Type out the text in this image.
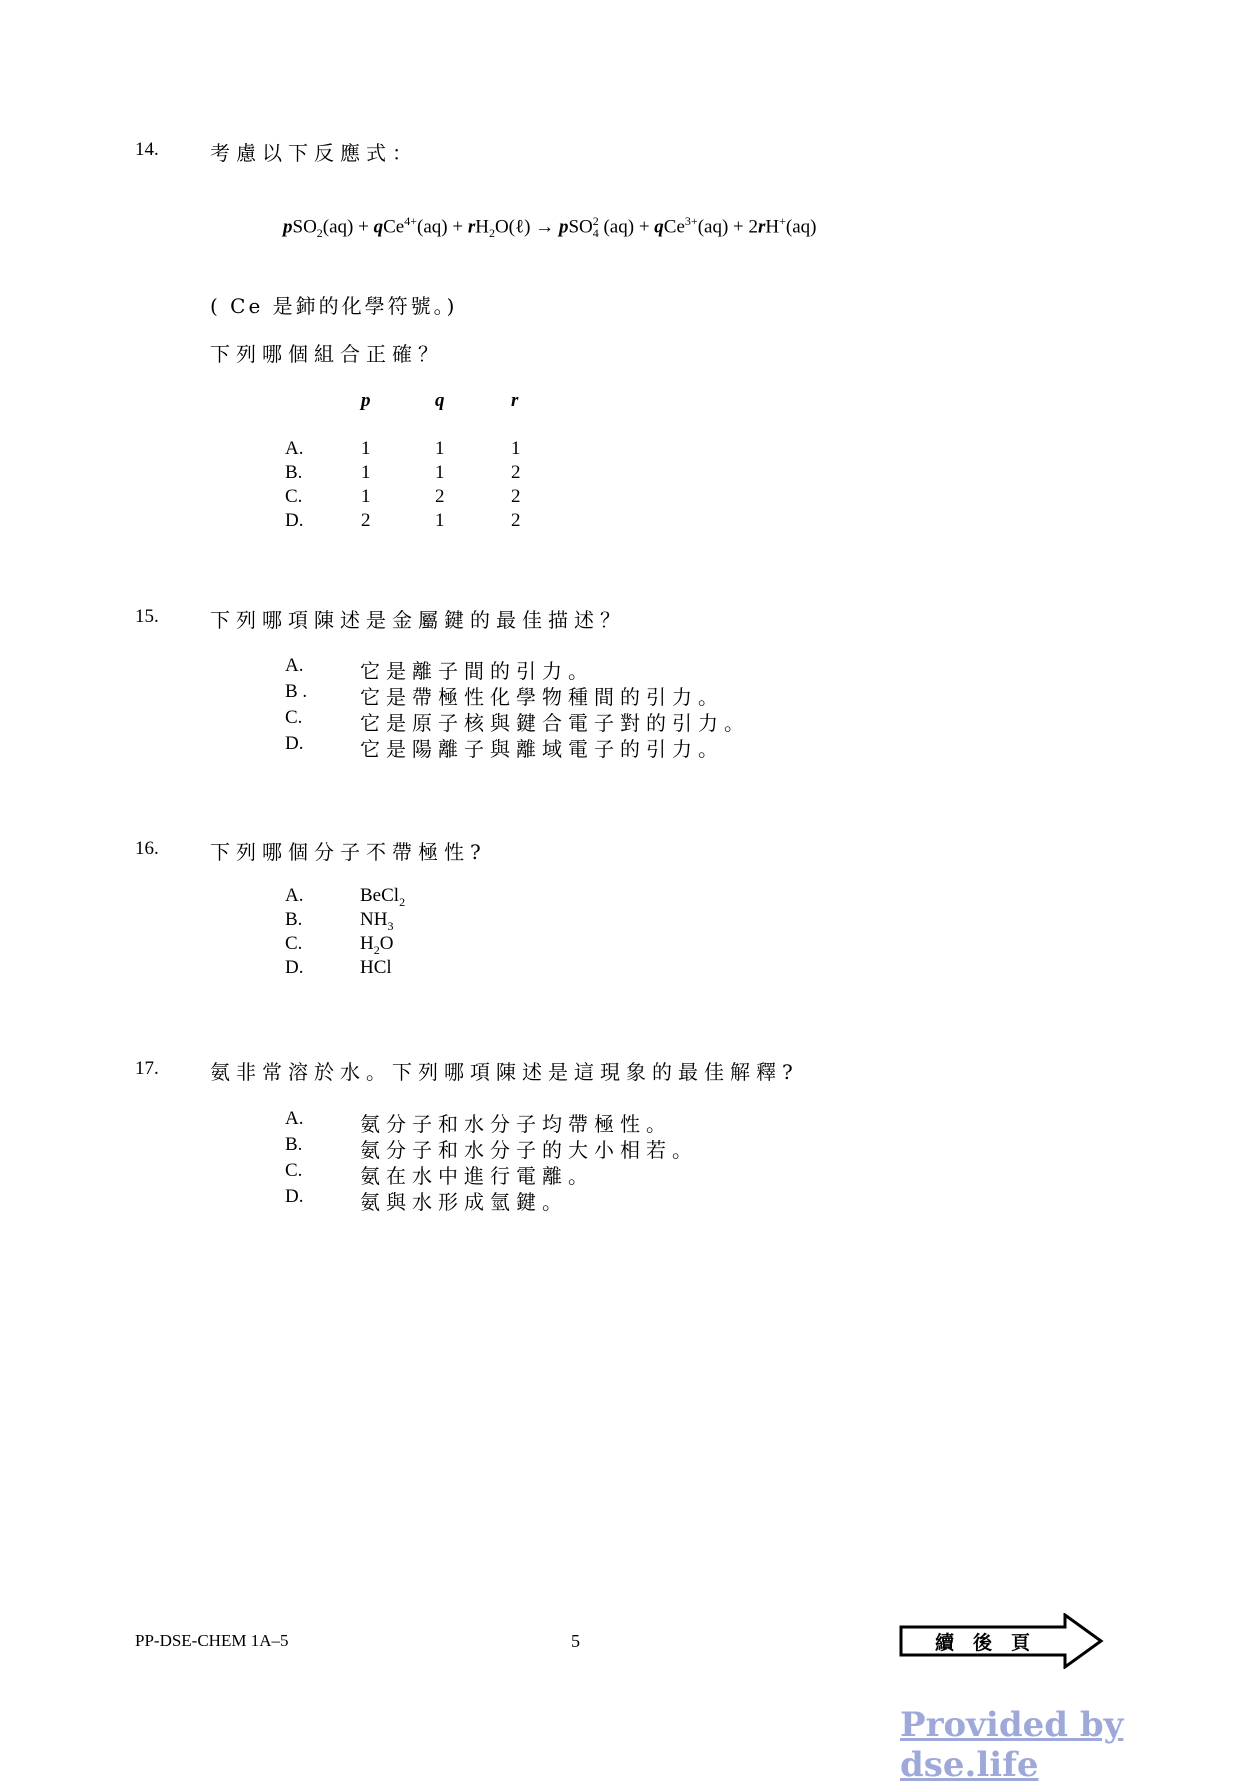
14.	考慮以下反應式：
$pSO_2(aq) + qCe^{4+}(aq) + rH_2O(\ell) \to pSO_4^2$ (aq) + qCe$^{3+}$(aq) + 2rH+(aq)
( Ce 是鈰的化學符號。)
下列哪個組合正確？
p	q	r
A.	1	1	1
B.	1	1	2
C.	1	2	2
D.	2	1	2
15.	下列哪項陳述是金屬鍵的最佳描述？
A.	它是離子間的引力。
B .	它是帶極性化學物種間的引力。
C.	它是原子核與鍵合電子對的引力。
D.	它是陽離子與離域電子的引力。
16.	下列哪個分子不帶極性?
A.	BeCl$_2$
B.	$NH_3$
C.	$H_2O$
D.	HCl
17.	氨非常溶於水。下列哪項陳述是這現象的最佳解釋?
A.	氨分子和水分子均帶極性。
B.	氨分子和水分子的大小相若。
C.	氨在水中進行電離。
D.	氨與水形成氫鍵。
PP-DSE-CHEM 1A–5	5	續　後　頁
Provided by dse.life
